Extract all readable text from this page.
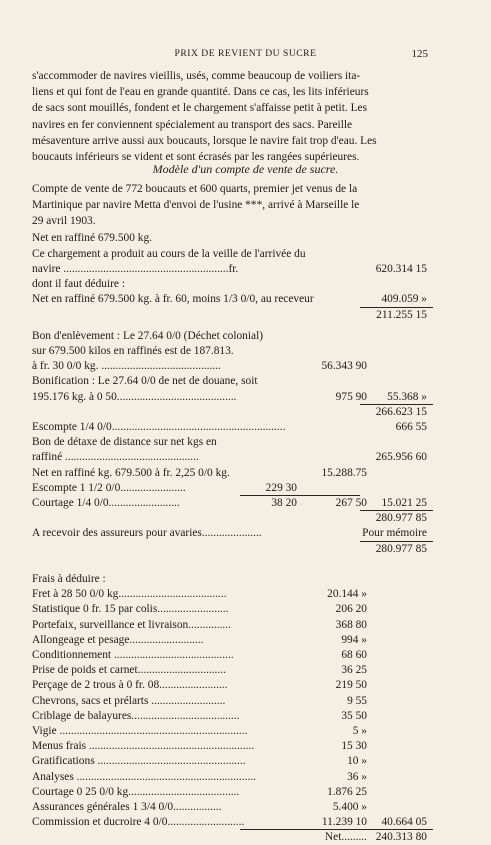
PRIX DE REVIENT DU SUCRE	125
s'accommoder de navires vieillis, usés, comme beaucoup de voiliers ita-
liens et qui font de l'eau en grande quantité. Dans ce cas, les lits inférieurs
de sacs sont mouillés, fondent et le chargement s'affaisse petit à petit. Les
navires en fer conviennent spécialement au transport des sacs. Pareille
mésaventure arrive aussi aux boucauts, lorsque le navire fait trop d'eau. Les
boucauts inférieurs se vident et sont écrasés par les rangées supérieures.
Modèle d'un compte de vente de sucre.
Compte de vente de 772 boucauts et 600 quarts, premier jet venus de la
Martinique par navire Metta d'envoi de l'usine ***, arrivé à Marseille le
29 avril 1903.
Net en raffiné 679.500 kg.
Ce chargement a produit au cours de la veille de l'arrivée du
navire ..........................................................fr.	620.314 15
dont il faut déduire :
Net en raffiné 679.500 kg. à fr. 60, moins 1/3 0/0, au receveur	409.059 »
211.255 15
Bon d'enlèvement : Le 27.64 0/0 (Déchet colonial)
sur 679.500 kilos en raffinés est de 187.813.
à fr. 30 0/0 kg. ..........................................	56.343 90
Bonification : Le 27.64 0/0 de net de douane, soit
195.176 kg. à 0 50..........................................	975 90	55.368 »
266.623 15
Escompte 1/4 0/0.............................................................	666 55
Bon de détaxe de distance sur net kgs en
raffiné ...............................................	265.956 60
Net en raffiné kg. 679.500 à fr. 2,25 0/0 kg.	15.288.75
Escompte 1 1/2 0/0.......................	229 30
Courtage 1/4 0/0.........................	38 20	267 50	15.021 25
280.977 85
A recevoir des assureurs pour avaries.....................	Pour mémoire
280.977 85
Frais à déduire :
Fret à 28 50 0/0 kg......................................	20.144 »
Statistique 0 fr. 15 par colis.........................	206 20
Portefaix, surveillance et livraison...............	368 80
Allongeage et pesage..........................	994 »
Conditionnement ..........................................	68 60
Prise de poids et carnet...............................	36 25
Perçage de 2 trous à 0 fr. 08........................	219 50
Chevrons, sacs et prélarts ..........................	9 55
Criblage de balayures......................................	35 50
Vigie ..................................................................	5 »
Menus frais ..........................................................	15 30
Gratifications ....................................................	10 »
Analyses ...............................................................	36 »
Courtage 0 25 0/0 kg.......................................	1.876 25
Assurances générales 1 3/4 0/0.................	5.400 »
Commission et ducroire 4 0/0...........................	11.239 10	40.664 05
Net......... 240.313 80
